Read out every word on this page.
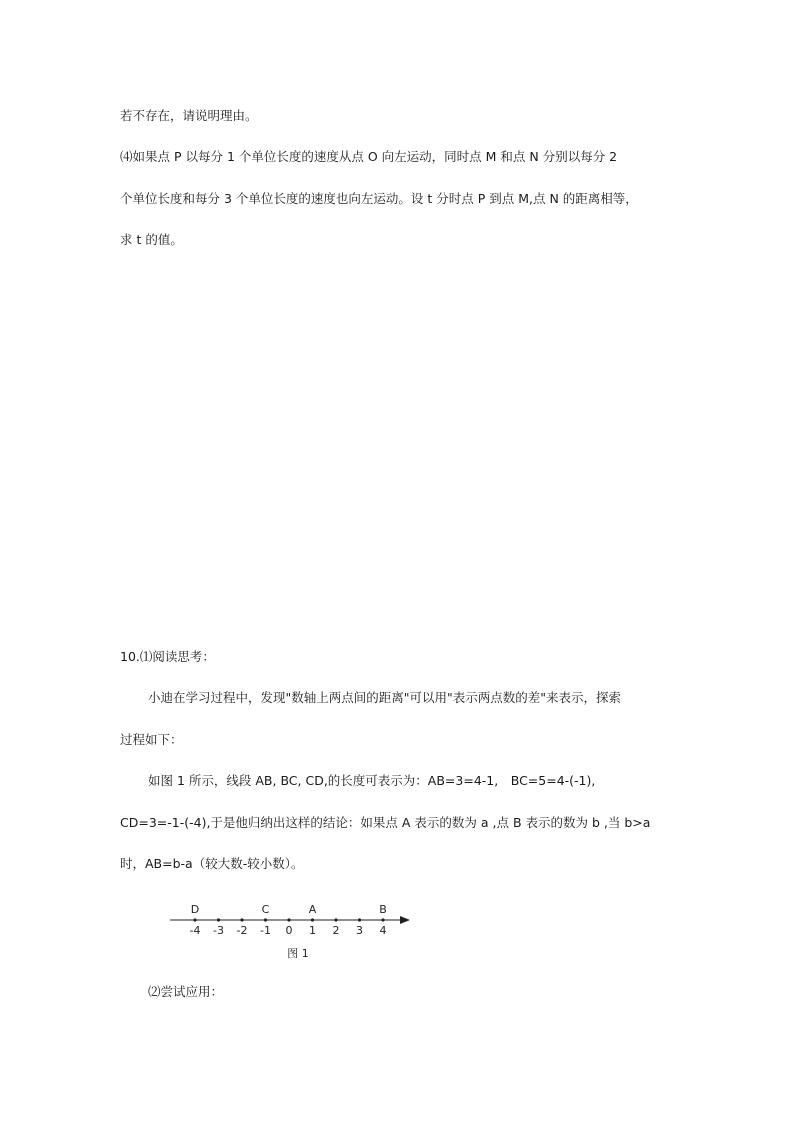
若不存在，请说明理由。
⑷如果点 P 以每分 1 个单位长度的速度从点 O 向左运动，同时点 M 和点 N 分别以每分 2
个单位长度和每分 3 个单位长度的速度也向左运动。设 t 分时点 P 到点 M,点 N 的距离相等，
求 t 的值。
10.⑴阅读思考：
小迪在学习过程中，发现"数轴上两点间的距离"可以用"表示两点数的差"来表示，探索
过程如下：
如图 1 所示，线段 AB, BC, CD,的长度可表示为：AB=3=4-1,　BC=5=4-(-1),
CD=3=-1-(-4),于是他归纳出这样的结论：如果点 A 表示的数为 a ,点 B 表示的数为 b ,当 b>a
时，AB=b-a（较大数-较小数）。
-4 -3 -2 -1 0 1 2 3 4
D	C	A	B
图 1
⑵尝试应用：
